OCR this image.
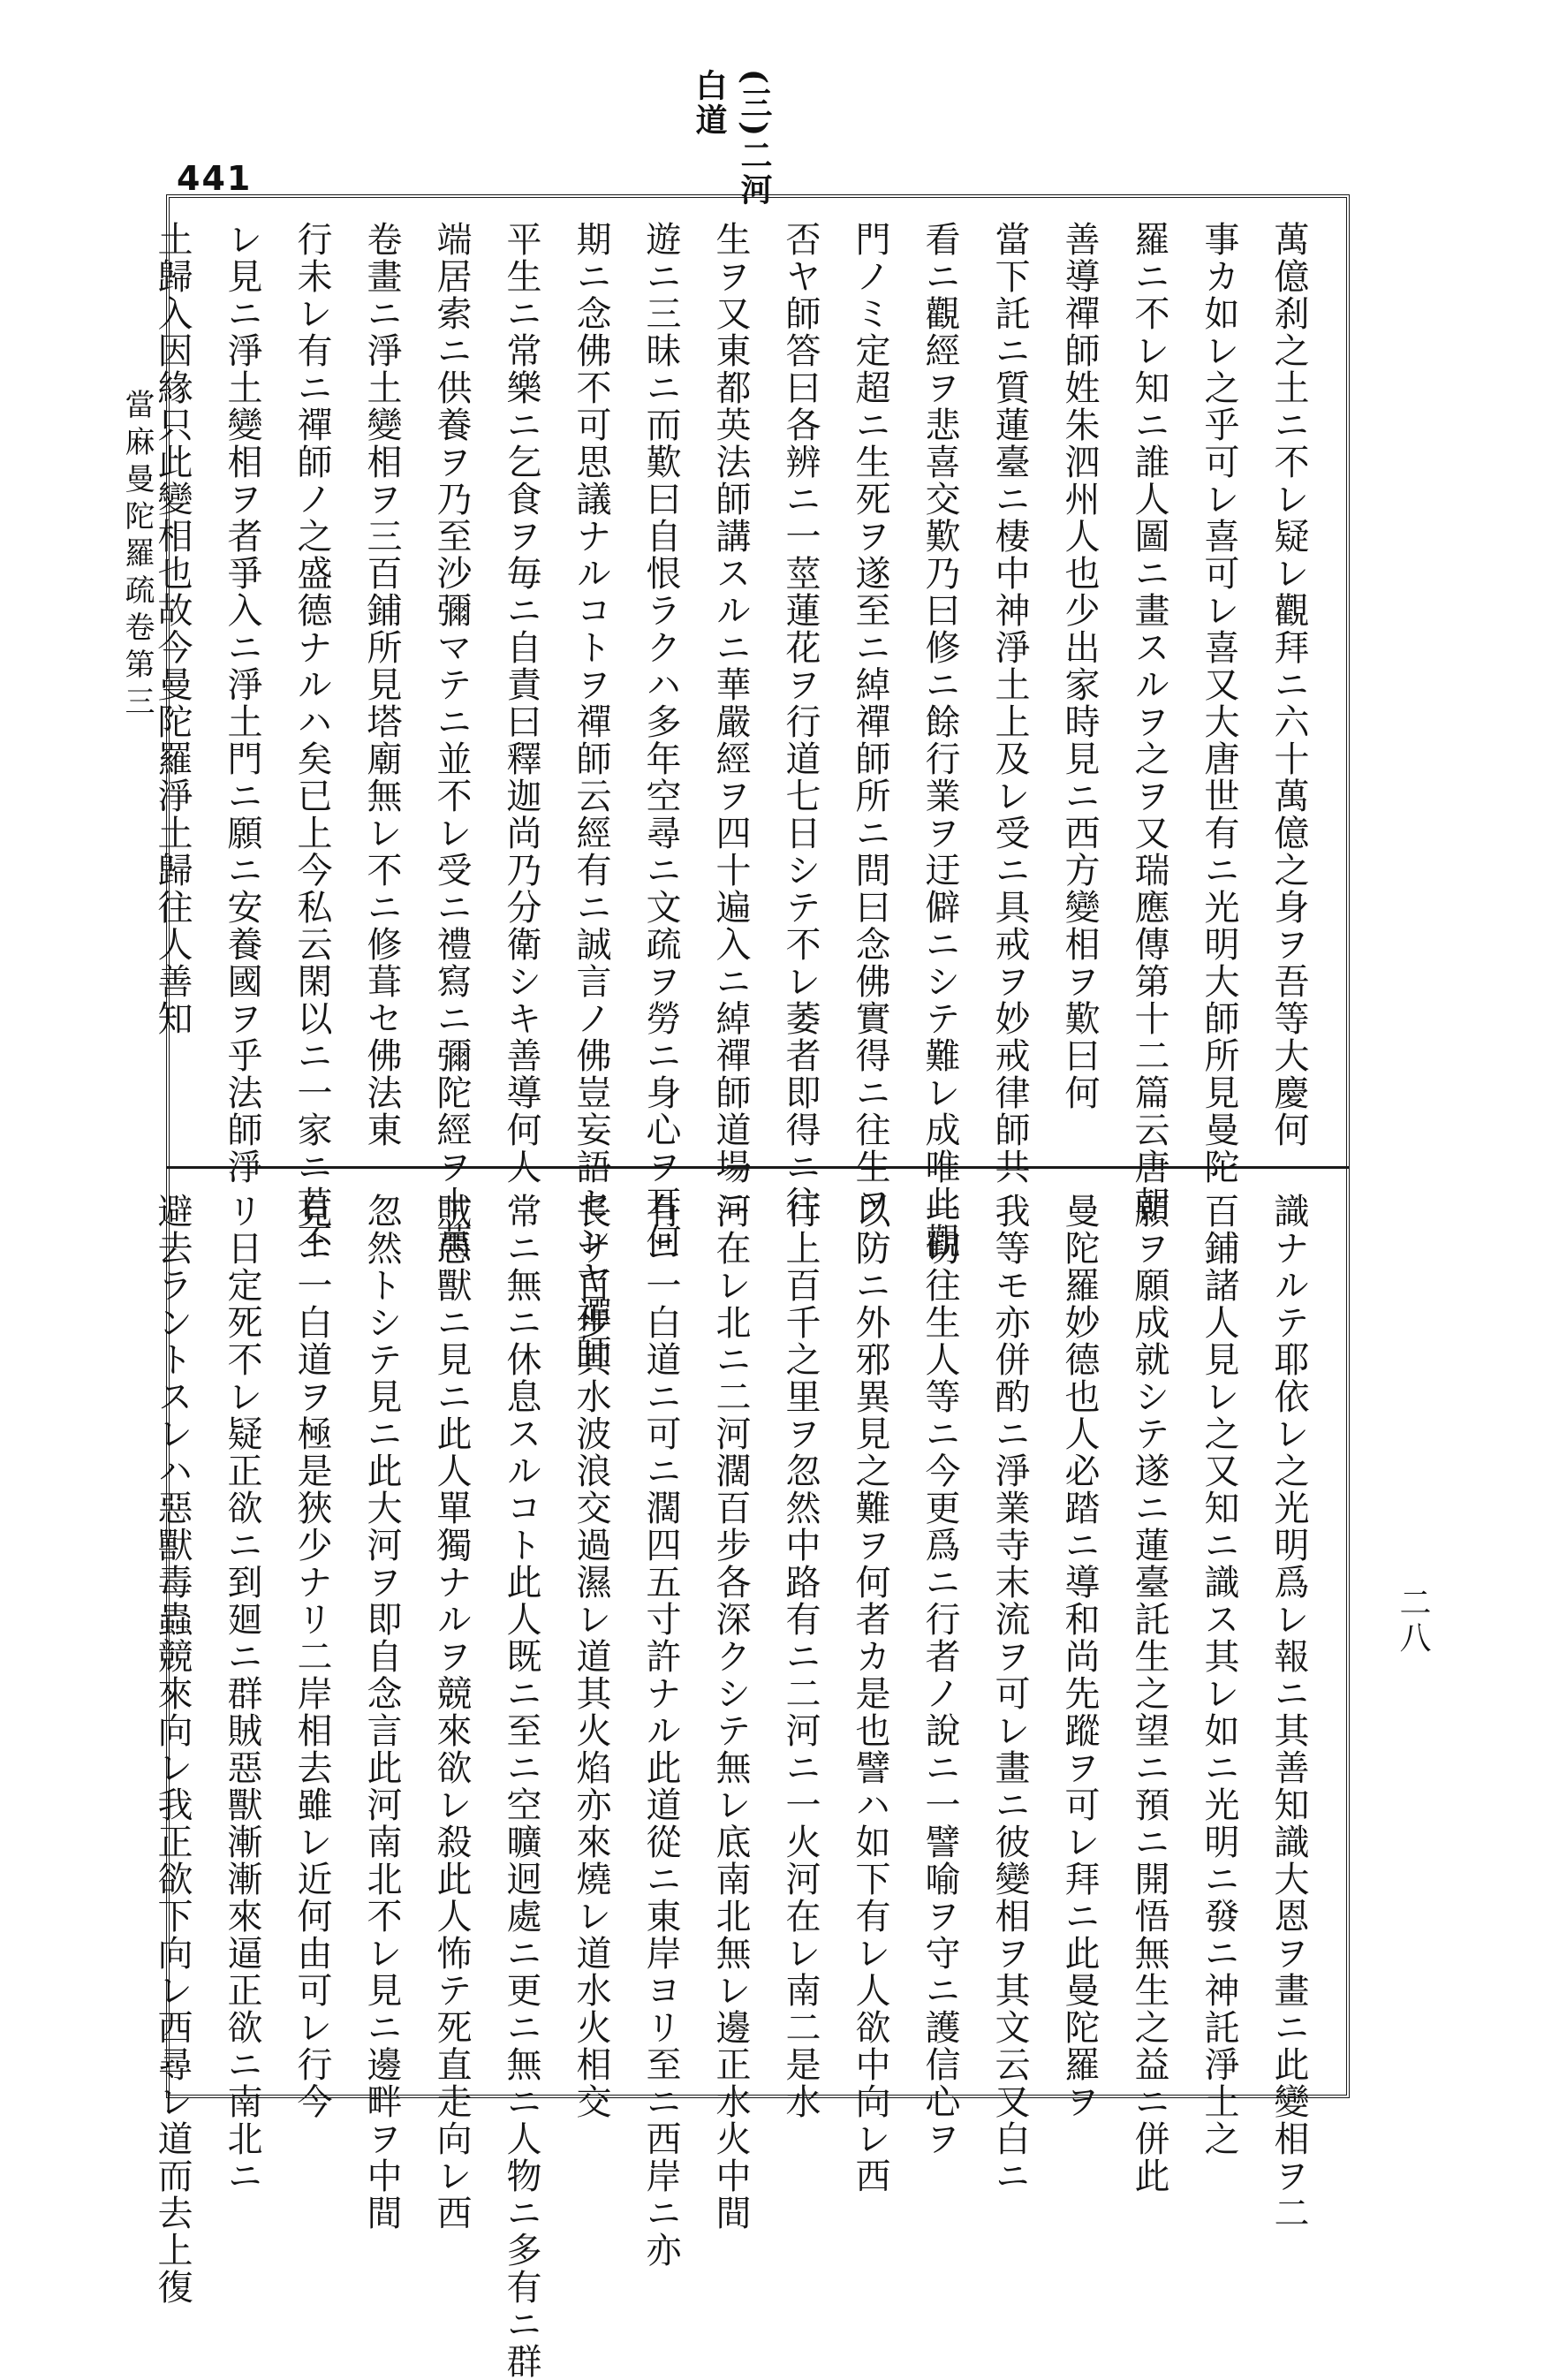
441	(三)二河白道
當麻曼陀羅疏卷第三
二八
萬億刹之土ニ不レ疑レ觀拜ニ六十萬億之身ヲ吾等大慶何
事カ如レ之乎可レ喜可レ喜又大唐世有ニ光明大師所見曼陀
羅ニ不レ知ニ誰人圖ニ畫スルヲ之ヲ又瑞應傳第十二篇云唐朝
善導禪師姓朱泗州人也少出家時見ニ西方變相ヲ歎曰何
當下託ニ質蓮臺ニ棲中神淨土上及レ受ニ具戒ヲ妙戒律師共
看ニ觀經ヲ悲喜交歎乃曰修ニ餘行業ヲ迂僻ニシテ難レ成唯此觀
門ノミ定超ニ生死ヲ遂至ニ綽禪師所ニ問曰念佛實得ニ往生ヲ
否ヤ師答曰各辨ニ一莖蓮花ヲ行道七日シテ不レ萎者即得ニ往
生ヲ又東都英法師講スルニ華嚴經ヲ四十遍入ニ綽禪師道場ニ
遊ニ三昧ニ而歎曰自恨ラクハ多年空尋ニ文疏ヲ勞ニ身心ヲ耳何
期ニ念佛不可思議ナルコトヲ禪師云經有ニ誠言ノ佛豈妄語センヤ禪師
平生ニ常樂ニ乞食ヲ毎ニ自責曰釋迦尚乃分衛シキ善導何人
端居索ニ供養ヲ乃至沙彌マテニ並不レ受ニ禮寫ニ彌陀經ヲ十萬
卷畫ニ淨土變相ヲ三百鋪所見塔廟無レ不ニ修葺セ佛法東
行未レ有ニ禪師ノ之盛德ナルハ矣已上今私云閑以ニ一家ニ若不
レ見ニ淨土變相ヲ者爭入ニ淨土門ニ願ニ安養國ヲ乎法師淨
土歸入因緣只此變相也故今曼陀羅淨土歸往人善知
識ナルテ耶依レ之光明爲レ報ニ其善知識大恩ヲ畫ニ此變相ヲ二
百鋪諸人見レ之又知ニ識ス其レ如ニ光明ニ發ニ神託淨土之
願ヲ願成就シテ遂ニ蓮臺託生之望ニ預ニ開悟無生之益ニ併此
曼陀羅妙德也人必踏ニ導和尚先蹤ヲ可レ拜ニ此曼陀羅ヲ
我等モ亦併酌ニ淨業寺末流ヲ可レ畫ニ彼變相ヲ其文云又白ニ
一切往生人等ニ今更爲ニ行者ノ說ニ一譬喻ヲ守ニ護信心ヲ
以防ニ外邪異見之難ヲ何者カ是也譬ハ如下有レ人欲中向レ西
行上百千之里ヲ忽然中路有ニ二河ニ一火河在レ南二是水
河在レ北ニ二河濶百步各深クシテ無レ底南北無レ邊正水火中間
有ニ一白道ニ可ニ濶四五寸許ナル此道從ニ東岸ヨリ至ニ西岸ニ亦
長サ百步其水波浪交過濕レ道其火焰亦來燒レ道水火相交
常ニ無ニ休息スルコト此人既ニ至ニ空曠迥處ニ更ニ無ニ人物ニ多有ニ群
賊惡獸ニ見ニ此人單獨ナルヲ競來欲レ殺此人怖テ死直走向レ西
忽然トシテ見ニ此大河ヲ即自念言此河南北不レ見ニ邊畔ヲ中間
見ニ一白道ヲ極是狹少ナリ二岸相去雖レ近何由可レ行今
リ日定死不レ疑正欲ニ到廻ニ群賊惡獸漸漸來逼正欲ニ南北ニ
避去ラントスレハ惡獸毒蟲競來向レ我正欲下向レ西尋レ道而去上復
